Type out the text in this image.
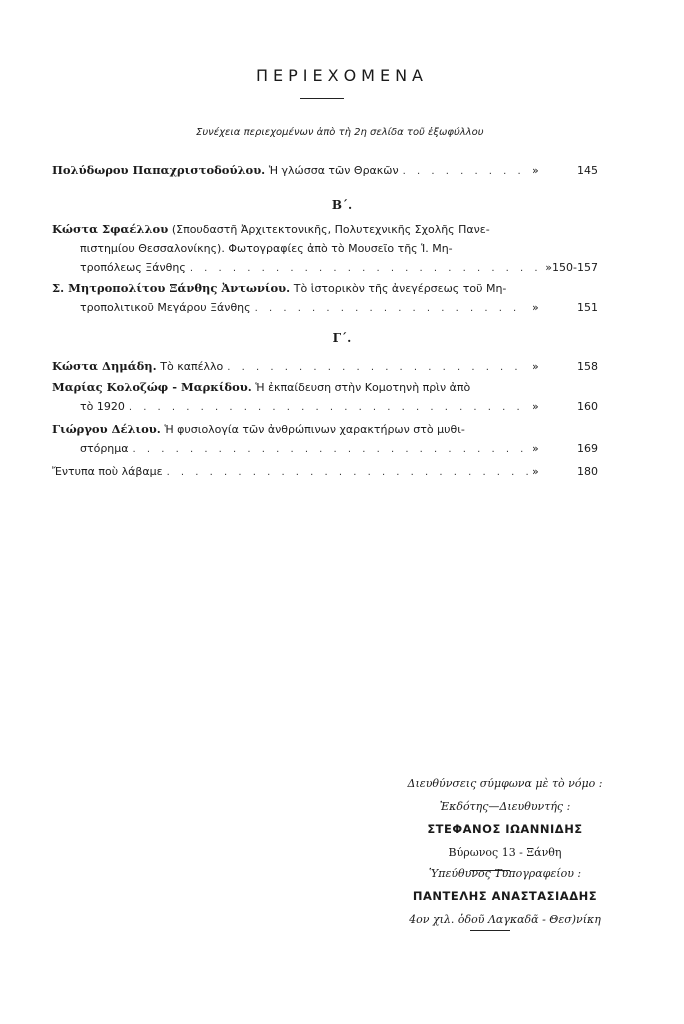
ΠΕΡΙΕΧΟΜΕΝΑ
Συνέχεια περιεχομένων ἀπὸ τὴ 2η σελίδα τοῦ ἐξωφύλλου
Πολύδωρου Παπαχριστοδούλου.
Ἡ γλώσσα τῶν Θρακῶν . . .	»	145
Β΄.
Κώστα Σφαέλλου
(Σπουδαστῆ Ἀρχιτεκτονικῆς, Πολυτεχνικῆς Σχολῆς Πανε-
πιστημίου Θεσσαλονίκης). Φωτογραφίες ἀπὸ τὸ Μουσεῖο τῆς Ἱ. Μη-
τροπόλεως Ξάνθης . . .	» 150-157
Σ. Μητροπολίτου Ξάνθης Ἀντωνίου.
Τὸ ἱστορικὸν τῆς ἀνεγέρσεως τοῦ Μη-
τροπολιτικοῦ Μεγάρου Ξάνθης . . .	»	151
Γ΄.
Κώστα Δημάδη.
Τὸ καπέλλο . . .	»	158
Μαρίας Κολοζώφ - Μαρκίδου.
Ἡ ἐκπαίδευση στὴν Κομοτηνὴ πρὶν ἀπὸ
τὸ 1920 . . .	»	160
Γιώργου Δέλιου.
Ἡ φυσιολογία τῶν ἀνθρώπινων χαρακτήρων στὸ μυθι-
στόρημα . . .	»	169
Ἔντυπα ποὺ λάβαμε . . .	»	180
Διευθύνσεις σύμφωνα μὲ τὸ νόμο :
Ἐκδότης—Διευθυντής :
ΣΤΕΦΑΝΟΣ ΙΩΑΝΝΙΔΗΣ
Βύρωνος 13 - Ξάνθη
Ὑπεύθυνος Τυπογραφείου :
ΠΑΝΤΕΛΗΣ ΑΝΑΣΤΑΣΙΑΔΗΣ
4ον χιλ. ὁδοῦ Λαγκαδᾶ - Θεσ)νίκη
